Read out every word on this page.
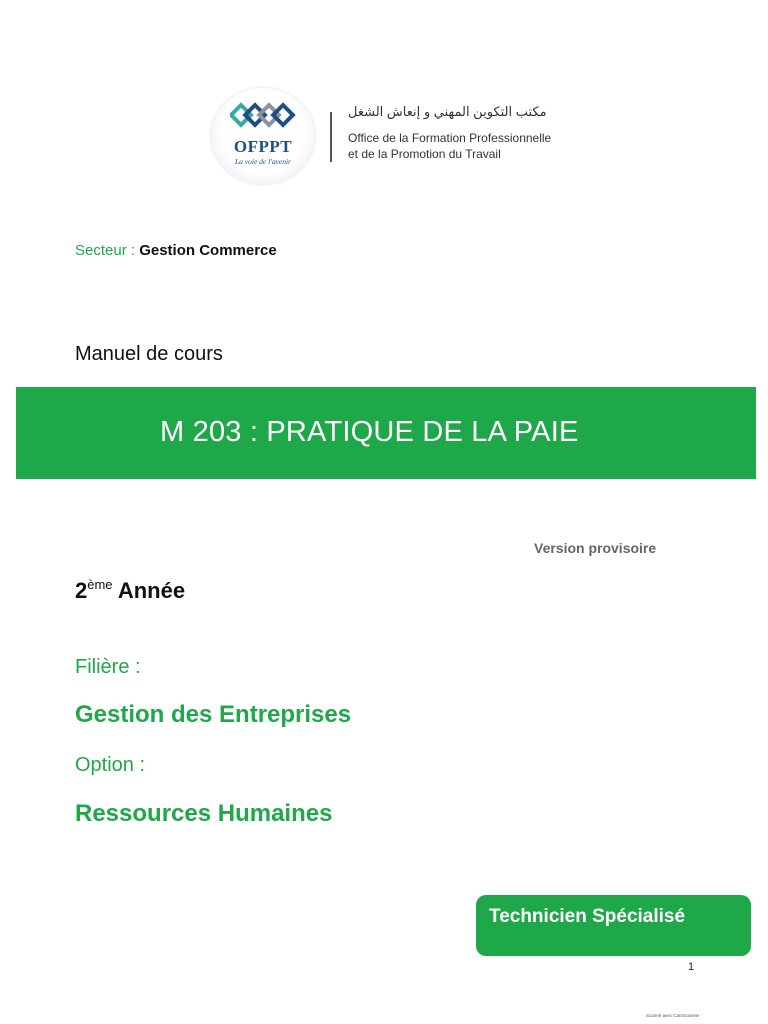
OFPPT
La voie de l'avenir
مكتب التكوين المهني و إنعاش الشغل
Office de la Formation Professionnelle
et de la Promotion du Travail
Secteur : Gestion Commerce
Manuel de cours
M 203 : PRATIQUE DE LA PAIE
Version provisoire
2ème Année
Filière :
Gestion des Entreprises
Option :
Ressources Humaines
Technicien Spécialisé
1
Scanné avec CamScanner
